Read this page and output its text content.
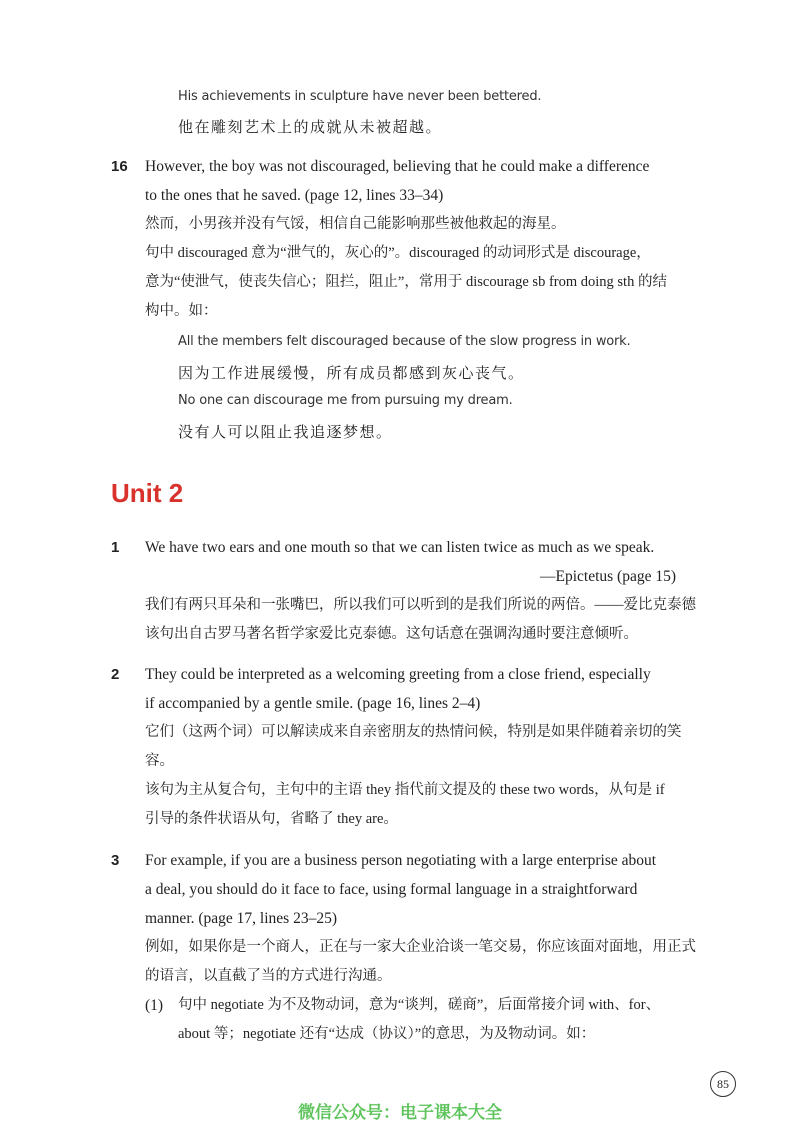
His achievements in sculpture have never been bettered.
他在雕刻艺术上的成就从未被超越。
16 However, the boy was not discouraged, believing that he could make a difference
to the ones that he saved. (page 12, lines 33–34)
然而，小男孩并没有气馁，相信自己能影响那些被他救起的海星。
句中 discouraged 意为“泄气的，灰心的”。discouraged 的动词形式是 discourage，
意为“使泄气，使丧失信心；阻拦，阻止”，常用于 discourage sb from doing sth 的结
构中。如：
All the members felt discouraged because of the slow progress in work.
因为工作进展缓慢，所有成员都感到灰心丧气。
No one can discourage me from pursuing my dream.
没有人可以阻止我追逐梦想。
Unit 2
1 We have two ears and one mouth so that we can listen twice as much as we speak.
—Epictetus (page 15)
我们有两只耳朵和一张嘴巴，所以我们可以听到的是我们所说的两倍。——爱比克泰德
该句出自古罗马著名哲学家爱比克泰德。这句话意在强调沟通时要注意倾听。
2 They could be interpreted as a welcoming greeting from a close friend, especially
if accompanied by a gentle smile. (page 16, lines 2–4)
它们（这两个词）可以解读成来自亲密朋友的热情问候，特别是如果伴随着亲切的笑
容。
该句为主从复合句，主句中的主语 they 指代前文提及的 these two words，从句是 if
引导的条件状语从句，省略了 they are。
3 For example, if you are a business person negotiating with a large enterprise about
a deal, you should do it face to face, using formal language in a straightforward
manner. (page 17, lines 23–25)
例如，如果你是一个商人，正在与一家大企业洽谈一笔交易，你应该面对面地，用正式
的语言，以直截了当的方式进行沟通。
(1) 句中 negotiate 为不及物动词，意为“谈判，磋商”，后面常接介词 with、for、
about 等；negotiate 还有“达成（协议）”的意思，为及物动词。如：
85
微信公众号：电子课本大全
